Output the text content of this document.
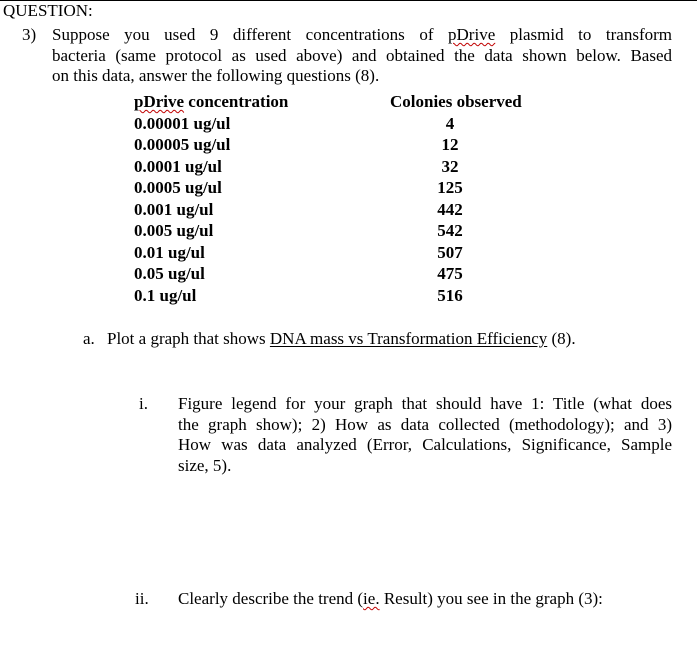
QUESTION:
3) Suppose you used 9 different concentrations of pDrive plasmid to transform
bacteria (same protocol as used above) and obtained the data shown below. Based
on this data, answer the following questions (8).
pDrive concentration	Colonies observed
0.00001 ug/ul	4
0.00005 ug/ul	12
0.0001 ug/ul	32
0.0005 ug/ul	125
0.001 ug/ul	442
0.005 ug/ul	542
0.01 ug/ul	507
0.05 ug/ul	475
0.1 ug/ul	516
a. Plot a graph that shows DNA mass vs Transformation Efficiency (8).
i. Figure legend for your graph that should have 1: Title (what does
the graph show); 2) How as data collected (methodology); and 3)
How was data analyzed (Error, Calculations, Significance, Sample
size, 5).
ii. Clearly describe the trend (ie. Result) you see in the graph (3):
